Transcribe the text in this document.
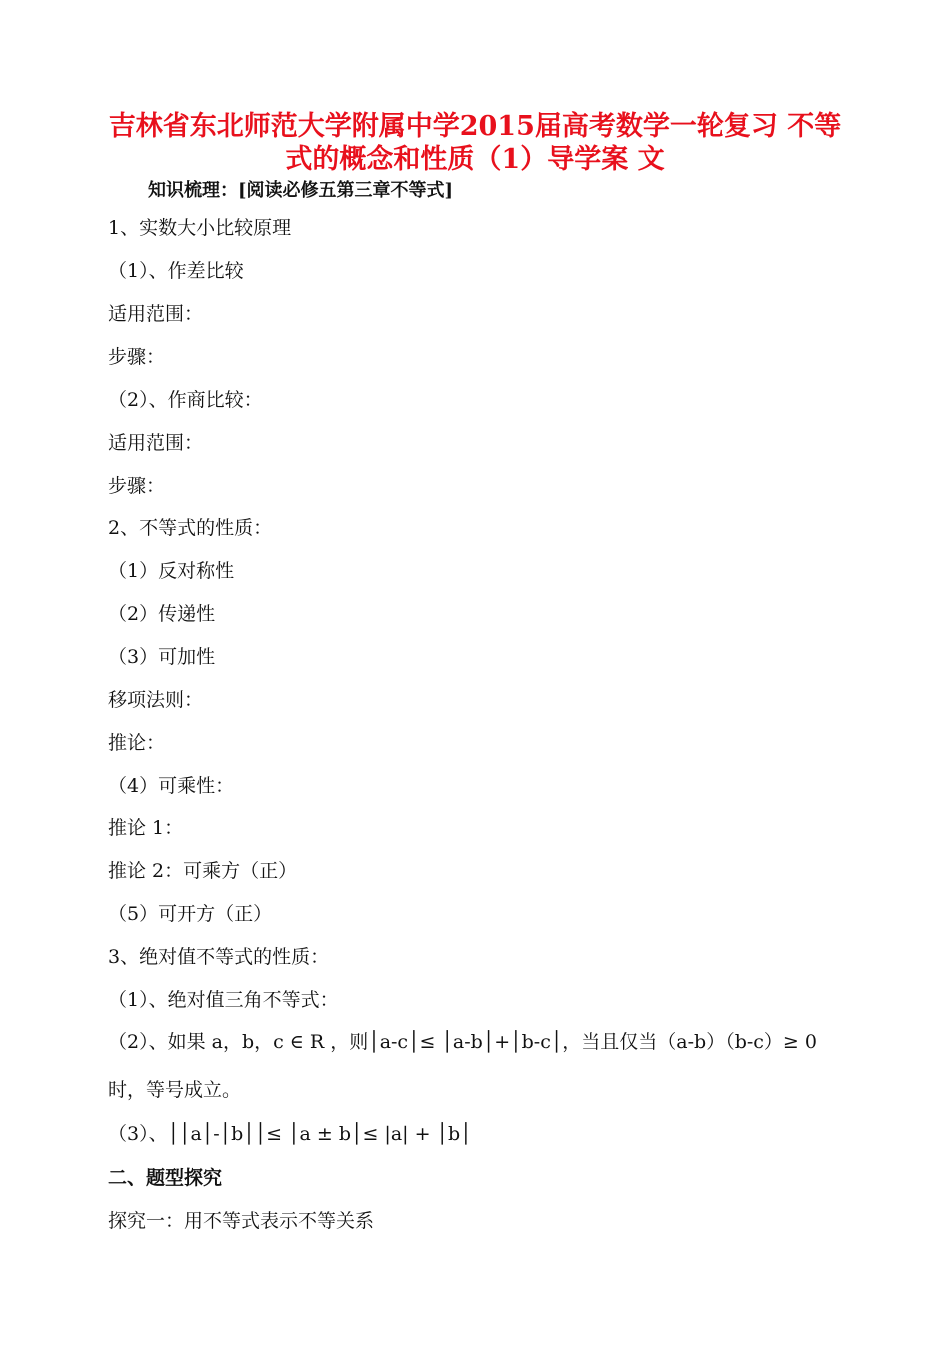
吉林省东北师范大学附属中学2015届高考数学一轮复习 不等
式的概念和性质（1）导学案 文
知识梳理：[阅读必修五第三章不等式]
1、实数大小比较原理
（1）、作差比较
适用范围：
步骤：
（2）、作商比较：
适用范围：
步骤：
2、不等式的性质：
（1）反对称性
（2）传递性
（3）可加性
移项法则：
推论：
（4）可乘性：
推论 1：
推论 2：可乘方（正）
（5）可开方（正）
3、绝对值不等式的性质：
（1）、绝对值三角不等式：
（2）、如果 a，b，c ∈ R ，则│a-c│≤ │a-b│+│b-c│，当且仅当（a-b）（b-c）≥ 0
时，等号成立。
（3）、││a│-│b││≤ │a ± b│≤ |a| + │b│
二、题型探究
探究一：用不等式表示不等关系
